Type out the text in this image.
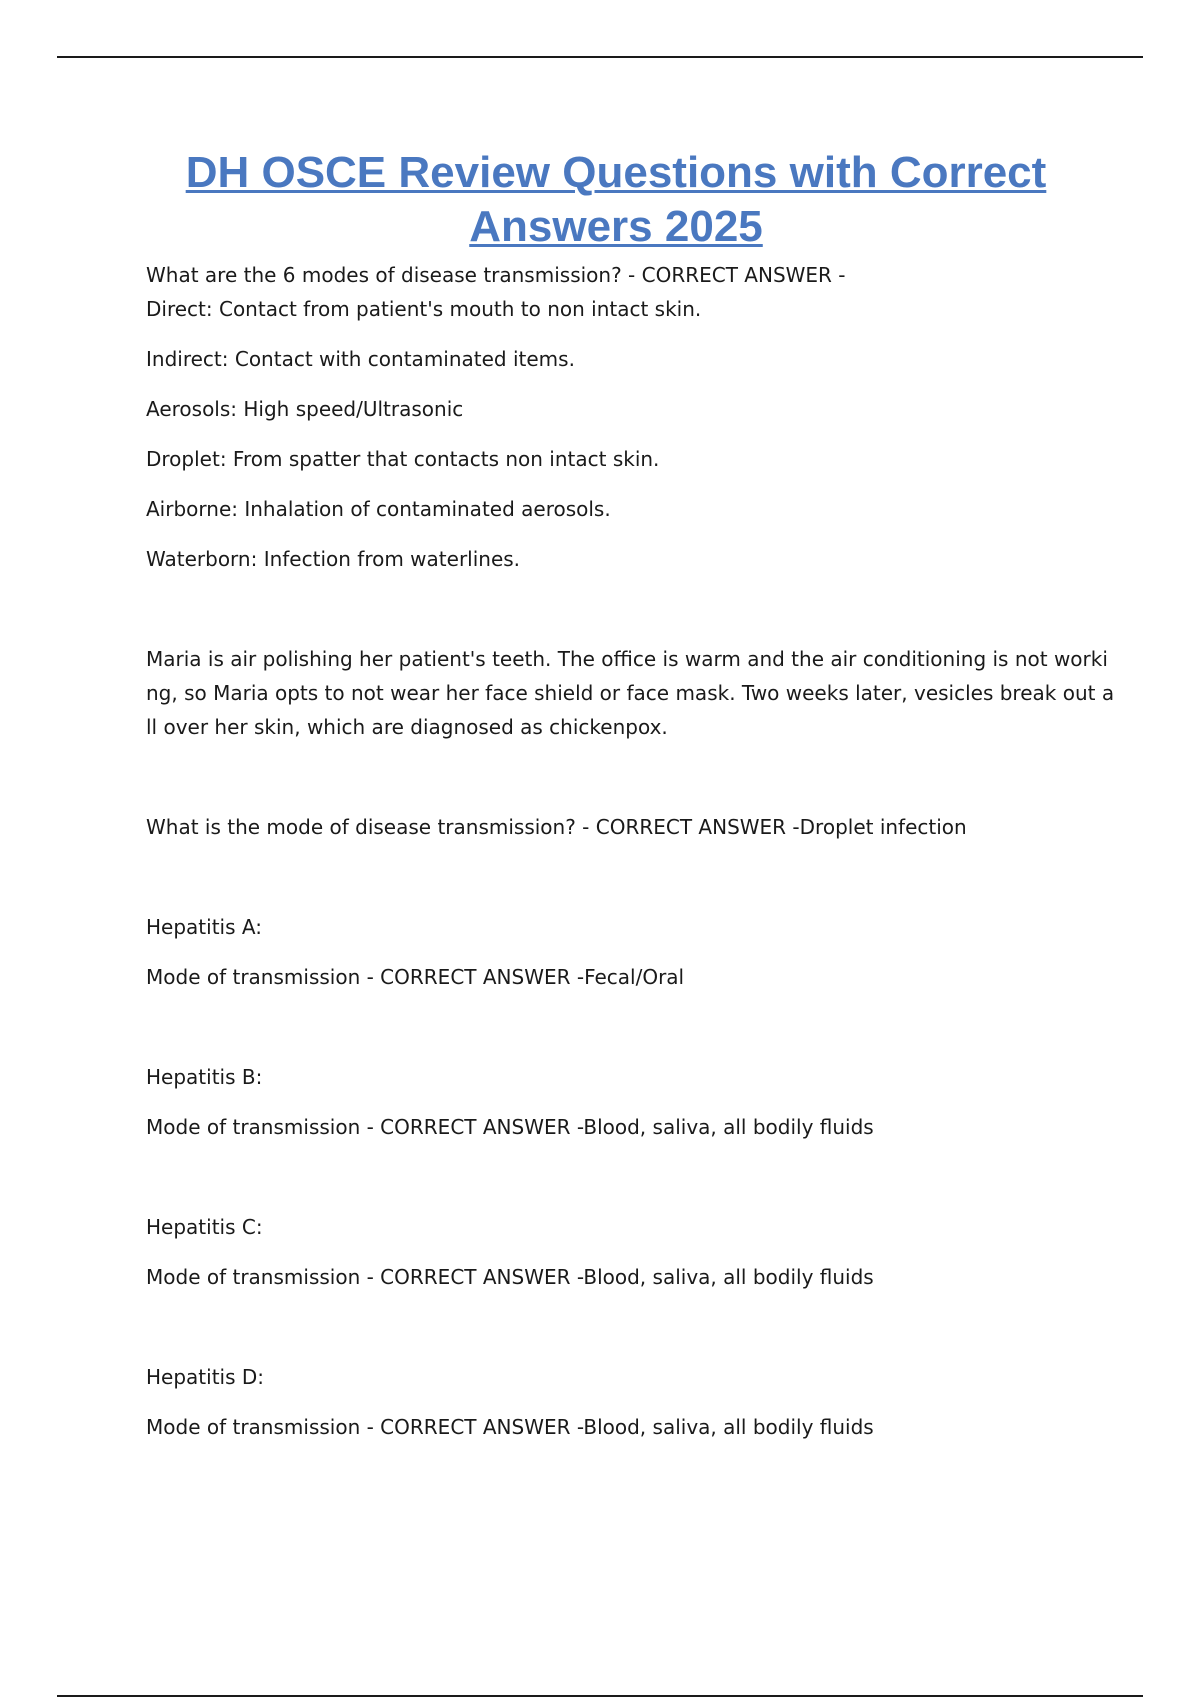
DH OSCE Review Questions with Correct Answers 2025

What are the 6 modes of disease transmission? - CORRECT ANSWER -

Direct: Contact from patient's mouth to non intact skin.

Indirect: Contact with contaminated items.

Aerosols: High speed/Ultrasonic

Droplet: From spatter that contacts non intact skin.

Airborne: Inhalation of contaminated aerosols.

Waterborn: Infection from waterlines.

Maria is air polishing her patient's teeth. The office is warm and the air conditioning is not worki

ng, so Maria opts to not wear her face shield or face mask. Two weeks later, vesicles break out a

ll over her skin, which are diagnosed as chickenpox.

What is the mode of disease transmission? - CORRECT ANSWER -Droplet infection

Hepatitis A:

Mode of transmission - CORRECT ANSWER -Fecal/Oral

Hepatitis B:

Mode of transmission - CORRECT ANSWER -Blood, saliva, all bodily fluids

Hepatitis C:

Mode of transmission - CORRECT ANSWER -Blood, saliva, all bodily fluids

Hepatitis D:

Mode of transmission - CORRECT ANSWER -Blood, saliva, all bodily fluids
